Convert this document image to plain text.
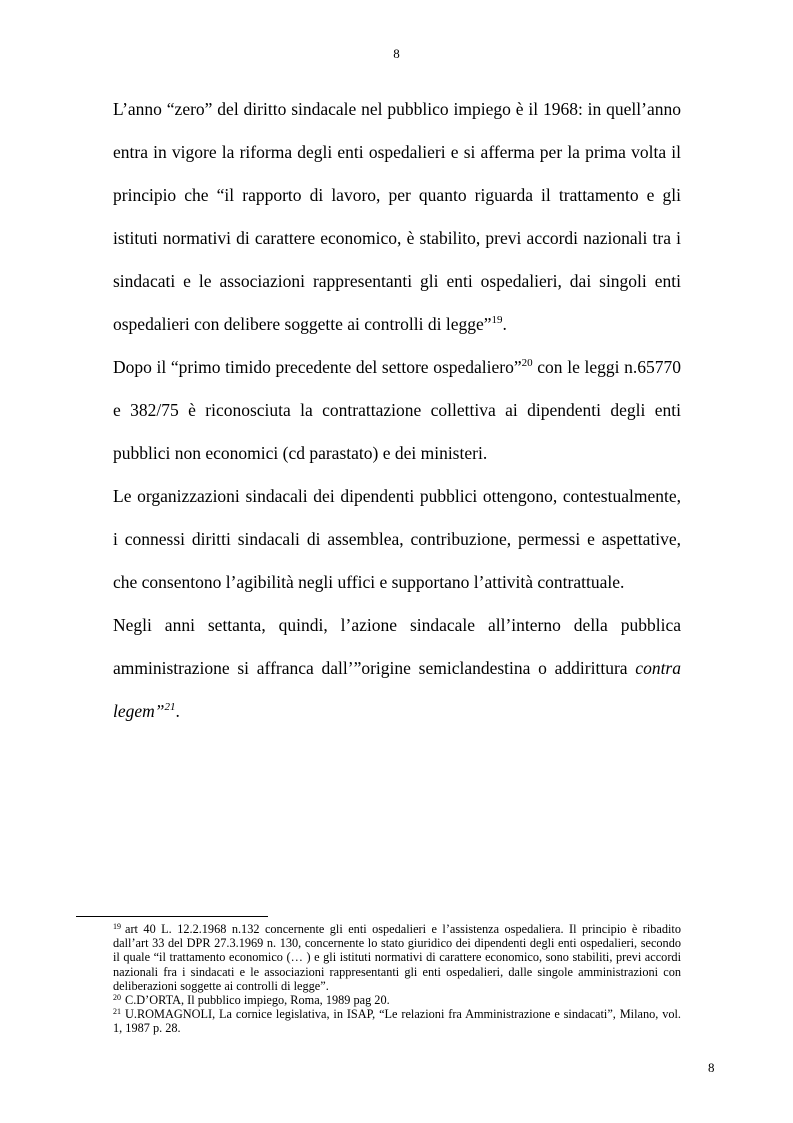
8

L’anno “zero” del diritto sindacale nel pubblico impiego è il 1968: in quell’anno entra in vigore la riforma degli enti ospedalieri e si afferma per la prima volta il principio che “il rapporto di lavoro, per quanto riguarda il trattamento e gli istituti normativi di carattere economico, è stabilito, previ accordi nazionali tra i sindacati e le associazioni rappresentanti gli enti ospedalieri, dai singoli enti ospedalieri con delibere soggette ai controlli di legge”$^{19}$.

Dopo il “primo timido precedente del settore ospedaliero”$^{20}$ con le leggi n.65770 e 382/75 è riconosciuta la contrattazione collettiva ai dipendenti degli enti pubblici non economici (cd parastato) e dei ministeri.

Le organizzazioni sindacali dei dipendenti pubblici ottengono, contestualmente, i connessi diritti sindacali di assemblea, contribuzione, permessi e aspettative, che consentono l’agibilità negli uffici e supportano l’attività contrattuale.

Negli anni settanta, quindi, l’azione sindacale all’interno della pubblica amministrazione si affranca dall’”origine semiclandestina o addirittura contra legem”$^{21}$.

$^{19}$ art 40 L. 12.2.1968 n.132 concernente gli enti ospedalieri e l’assistenza ospedaliera. Il principio è ribadito dall’art 33 del DPR 27.3.1969 n. 130, concernente lo stato giuridico dei dipendenti degli enti ospedalieri, secondo il quale “il trattamento economico (… ) e gli istituti normativi di carattere economico, sono stabiliti, previ accordi nazionali fra i sindacati e le associazioni rappresentanti gli enti ospedalieri, dalle singole amministrazioni con deliberazioni soggette ai controlli di legge”.

$^{20}$ C.D’ORTA, Il pubblico impiego, Roma, 1989 pag 20.

$^{21}$ U.ROMAGNOLI, La cornice legislativa, in ISAP, “Le relazioni fra Amministrazione e sindacati”, Milano, vol. 1, 1987 p. 28.

8
